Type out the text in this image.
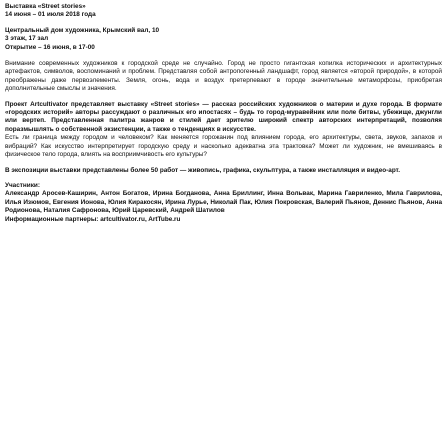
Выставка «Street stories»
14 июня – 01 июля 2018 года
Центральный дом художника, Крымский вал, 10
3 этаж, 17 зал
Открытие – 16 июня, в 17-00

Внимание современных художников к городской среде не случайно. Город не просто гигантская копилка исторических и архитектурных артефактов, символов, воспоминаний и проблем. Представляя собой антропогенный ландшафт, город является «второй природой», в которой преображены даже первоэлементы. Земля, огонь, вода и воздух претерпевают в городе значительные метаморфозы, приобретая дополнительные смыслы и значения.

Проект Artcultivator представляет выставку «Street stories» — рассказ российских художников о материи и духе города. В формате «городских историй» авторы рассуждают о различных его ипостасях – будь то город-муравейник или поле битвы, убежище, джунгли или вертеп. Представленная палитра жанров и стилей дает зрителю широкий спектр авторских интерпретаций, позволяя поразмышлять о собственной экзистенции, а также о тенденциях в искусстве.

Есть ли граница между городом и человеком? Как меняется горожанин под влиянием города, его архитектуры, света, звуков, запахов и вибраций? Как искусство интерпретирует городскую среду и насколько адекватна эта трактовка? Может ли художник, не вмешиваясь в физическое тело города, влиять на восприимчивость его культуры?

В экспозиции выставки представлены более 50 работ — живопись, графика, скульптура, а также инсталляция и видео-арт.

Участники:

Александр Аросев-Каширин, Антон Богатов, Ирина Богданова, Анна Бриллинг, Инна Вольвак, Марина Гавриленко, Мила Гаврилова, Илья Изюмов, Евгения Ионова, Юлия Киракосян, Ирина Лурье, Николай Пак, Юлия Покровская, Валерий Пьянов, Деннис Пьянов, Анна Родионова, Наталия Сафронова, Юрий Царевский, Андрей Шатилов

Информационные партнеры: artcultivator.ru, ArtTube.ru
